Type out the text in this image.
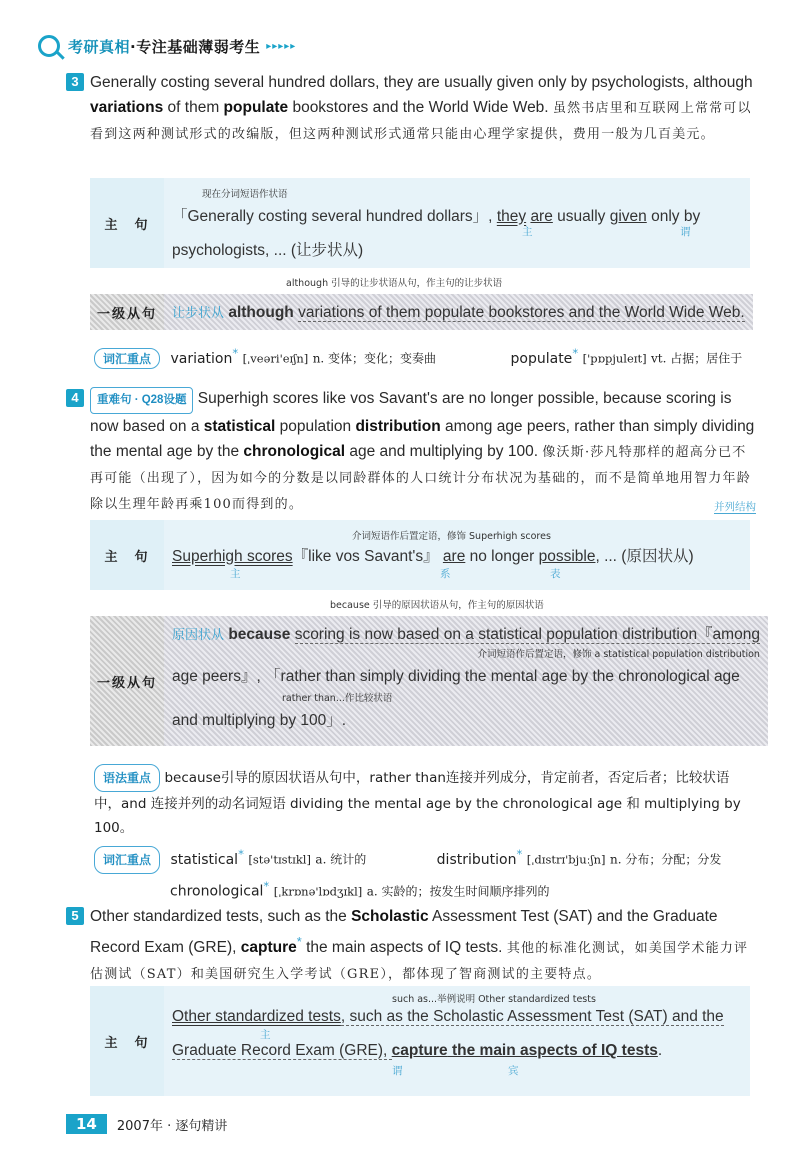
考研真相·专注基础薄弱考生 ▸▸▸▸▸
3 Generally costing several hundred dollars, they are usually given only by psychologists, although variations of them populate bookstores and the World Wide Web. 虽然书店里和互联网上常常可以看到这两种测试形式的改编版，但这两种测试形式通常只能由心理学家提供，费用一般为几百美元。
主　句
现在分词短语作状语
「Generally costing several hundred dollars」, they are usually given only by
主	谓
psychologists, ... (让步状从)
although 引导的让步状语从句，作主句的让步状语
一级从句	让步状从 although variations of them populate bookstores and the World Wide Web.
词汇重点 variation* [ˌveəri'eɪʃn] n. 变体；变化；变奏曲	populate* ['pɒpjuleɪt] vt. 占据；居住于
4	重难句 · Q28设题 Superhigh scores like vos Savant's are no longer possible, because scoring is now based on a statistical population distribution among age peers, rather than simply dividing the mental age by the chronological age and multiplying by 100. 像沃斯·莎凡特那样的超高分已不再可能（出现了），因为如今的分数是以同龄群体的人口统计分布状况为基础的，而不是简单地用智力年龄除以生理年龄再乘100而得到的。	并列结构
主　句
介词短语作后置定语，修饰 Superhigh scores
Superhigh scores『like vos Savant's』 are no longer possible, ... (原因状从)
主	系	表
because 引导的原因状语从句，作主句的原因状语
一级从句
原因状从 because scoring is now based on a statistical population distribution『among
介词短语作后置定语，修饰 a statistical population distribution
age peers』, 「rather than simply dividing the mental age by the chronological age
rather than...作比较状语
and multiplying by 100」.
语法重点 because引导的原因状语从句中，rather than连接并列成分，肯定前者，否定后者；比较状语中，and 连接并列的动名词短语 dividing the mental age by the chronological age 和 multiplying by 100。
词汇重点 statistical* [stə'tɪstɪkl] a. 统计的	distribution* [ˌdɪstrɪ'bjuːʃn] n. 分布；分配；分发
chronological* [ˌkrɒnə'lɒdʒɪkl] a. 实龄的；按发生时间顺序排列的
5 Other standardized tests, such as the Scholastic Assessment Test (SAT) and the Graduate Record Exam (GRE), capture* the main aspects of IQ tests. 其他的标准化测试，如美国学术能力评估测试（SAT）和美国研究生入学考试（GRE），都体现了智商测试的主要特点。
主　句
such as...举例说明 Other standardized tests
Other standardized tests, such as the Scholastic Assessment Test (SAT) and the
主
Graduate Record Exam (GRE), capture the main aspects of IQ tests.
谓	宾
14	2007年 · 逐句精讲
